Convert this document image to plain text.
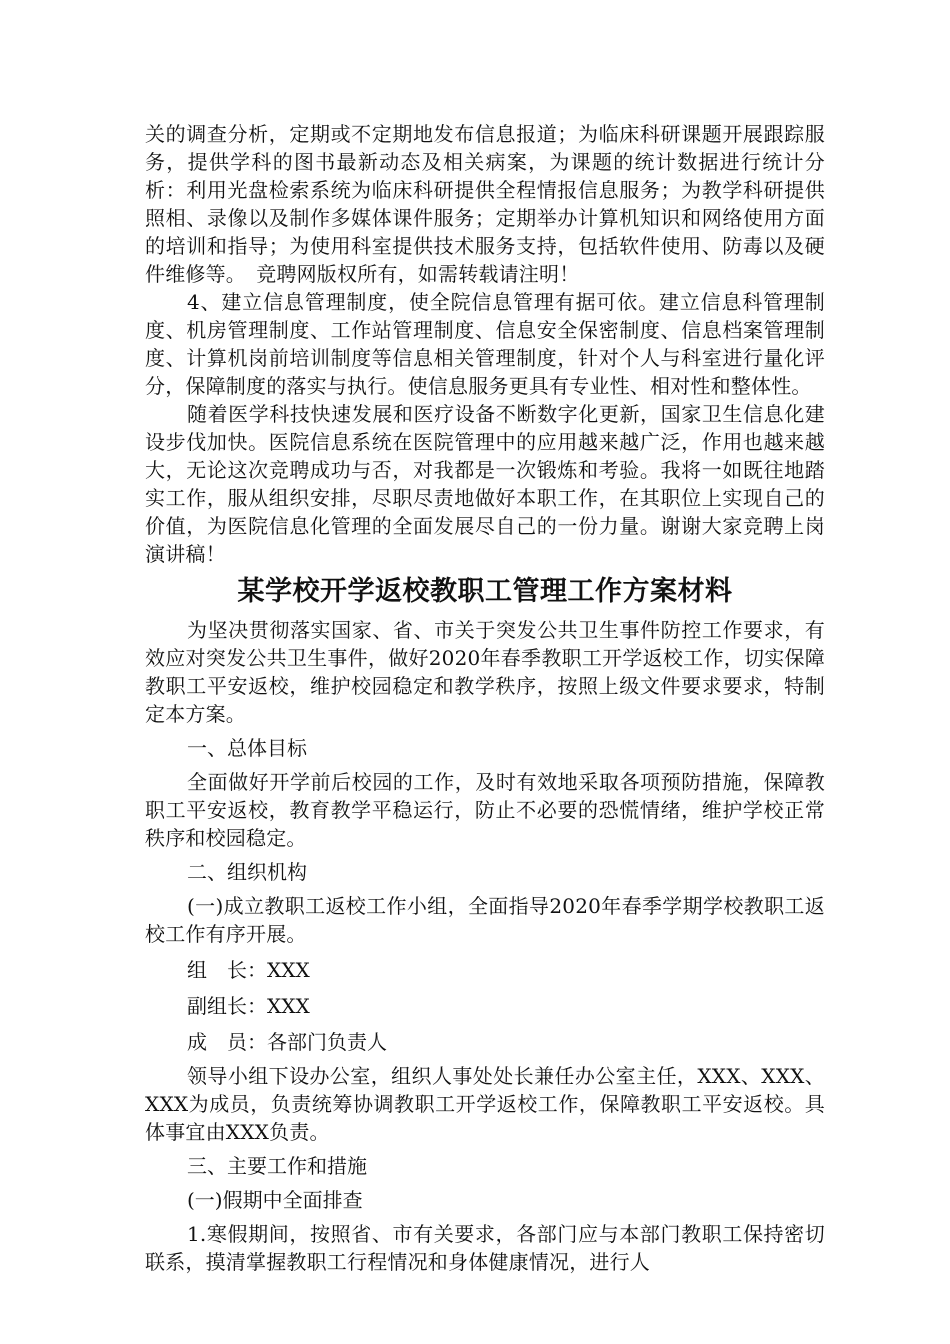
关的调查分析，定期或不定期地发布信息报道；为临床科研课题开展跟踪服务，提供学科的图书最新动态及相关病案，为课题的统计数据进行统计分析：利用光盘检索系统为临床科研提供全程情报信息服务；为教学科研提供照相、录像以及制作多媒体课件服务；定期举办计算机知识和网络使用方面的培训和指导；为使用科室提供技术服务支持，包括软件使用、防毒以及硬件维修等。　竞聘网版权所有，如需转载请注明！

4、建立信息管理制度，使全院信息管理有据可依。建立信息科管理制度、机房管理制度、工作站管理制度、信息安全保密制度、信息档案管理制度、计算机岗前培训制度等信息相关管理制度，针对个人与科室进行量化评分，保障制度的落实与执行。使信息服务更具有专业性、相对性和整体性。

随着医学科技快速发展和医疗设备不断数字化更新，国家卫生信息化建设步伐加快。医院信息系统在医院管理中的应用越来越广泛，作用也越来越大，无论这次竞聘成功与否，对我都是一次锻炼和考验。我将一如既往地踏实工作，服从组织安排，尽职尽责地做好本职工作，在其职位上实现自己的价值，为医院信息化管理的全面发展尽自己的一份力量。谢谢大家竞聘上岗演讲稿！

某学校开学返校教职工管理工作方案材料

为坚决贯彻落实国家、省、市关于突发公共卫生事件防控工作要求，有效应对突发公共卫生事件，做好2020年春季教职工开学返校工作，切实保障教职工平安返校，维护校园稳定和教学秩序，按照上级文件要求要求，特制定本方案。

一、总体目标

全面做好开学前后校园的工作，及时有效地采取各项预防措施，保障教职工平安返校，教育教学平稳运行，防止不必要的恐慌情绪，维护学校正常秩序和校园稳定。

二、组织机构

(一)成立教职工返校工作小组，全面指导2020年春季学期学校教职工返校工作有序开展。

组　长：XXX

副组长：XXX

成　员：各部门负责人

领导小组下设办公室，组织人事处处长兼任办公室主任，XXX、XXX、XXX为成员，负责统筹协调教职工开学返校工作，保障教职工平安返校。具体事宜由XXX负责。

三、主要工作和措施

(一)假期中全面排查

1.寒假期间，按照省、市有关要求，各部门应与本部门教职工保持密切联系，摸清掌握教职工行程情况和身体健康情况，进行人
